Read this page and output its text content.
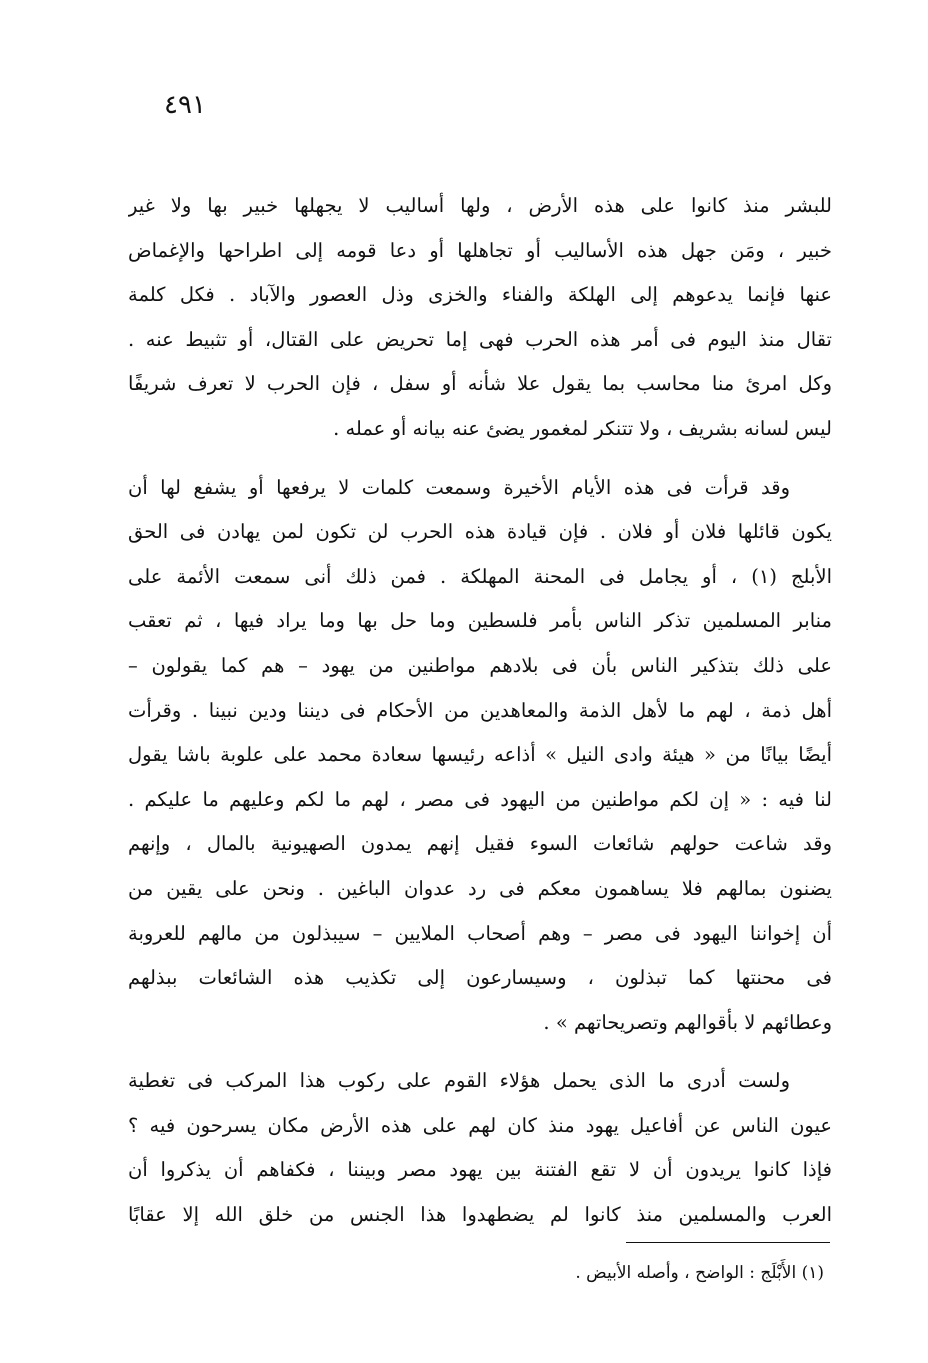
٤٩١
للبشر منذ كانوا على هذه الأرض ، ولها أساليب لا يجهلها خبير بها ولا غير
خبير ، ومَن جهل هذه الأساليب أو تجاهلها أو دعا قومه إلى اطراحها والإغماض
عنها فإنما يدعوهم إلى الهلكة والفناء والخزى وذل العصور والآباد . فكل كلمة
تقال منذ اليوم فى أمر هذه الحرب فهى إما تحريض على القتال، أو تثبيط عنه .
وكل امرئ منا محاسب بما يقول علا شأنه أو سفل ، فإن الحرب لا تعرف شريفًا
ليس لسانه بشريف ، ولا تتنكر لمغمور يضئ عنه بيانه أو عمله .
وقد قرأت فى هذه الأيام الأخيرة وسمعت كلمات لا يرفعها أو يشفع لها أن
يكون قائلها فلان أو فلان . فإن قيادة هذه الحرب لن تكون لمن يهادن فى الحق
الأبلج (١) ، أو يجامل فى المحنة المهلكة . فمن ذلك أنى سمعت الأئمة على
منابر المسلمين تذكر الناس بأمر فلسطين وما حل بها وما يراد فيها ، ثم تعقب
على ذلك بتذكير الناس بأن فى بلادهم مواطنين من يهود – هم كما يقولون –
أهل ذمة ، لهم ما لأهل الذمة والمعاهدين من الأحكام فى ديننا ودين نبينا . وقرأت
أيضًا بيانًا من « هيئة وادى النيل » أذاعه رئيسها سعادة محمد على علوبة باشا يقول
لنا فيه : « إن لكم مواطنين من اليهود فى مصر ، لهم ما لكم وعليهم ما عليكم .
وقد شاعت حولهم شائعات السوء فقيل إنهم يمدون الصهيونية بالمال ، وإنهم
يضنون بمالهم فلا يساهمون معكم فى رد عدوان الباغين . ونحن على يقين من
أن إخواننا اليهود فى مصر – وهم أصحاب الملايين – سيبذلون من مالهم للعروبة
فى محنتها كما تبذلون ، وسيسارعون إلى تكذيب هذه الشائعات ببذلهم
وعطائهم لا بأقوالهم وتصريحاتهم » .
ولست أدرى ما الذى يحمل هؤلاء القوم على ركوب هذا المركب فى تغطية
عيون الناس عن أفاعيل يهود منذ كان لهم على هذه الأرض مكان يسرحون فيه ؟
فإذا كانوا يريدون أن لا تقع الفتنة بين يهود مصر وبيننا ، فكفاهم أن يذكروا أن
العرب والمسلمين منذ كانوا لم يضطهدوا هذا الجنس من خلق الله إلا عقابًا
(١) الأَبْلَج : الواضح ، وأصله الأبيض .
